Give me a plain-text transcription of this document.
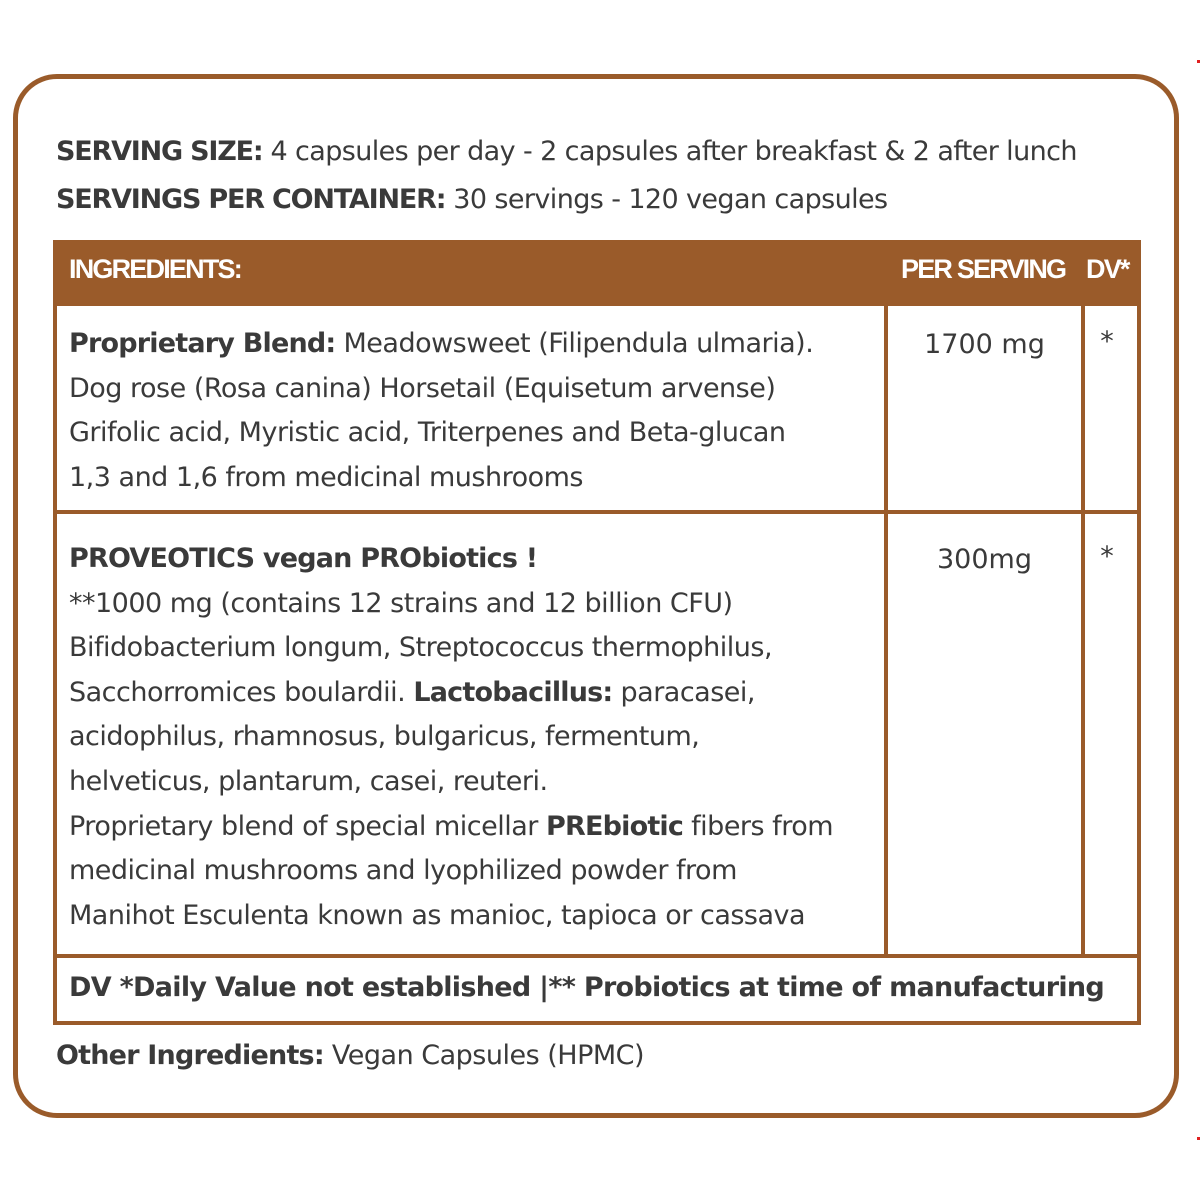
SERVING SIZE: 4 capsules per day - 2 capsules after breakfast & 2 after lunch
SERVINGS PER CONTAINER: 30 servings - 120 vegan capsules
INGREDIENTS:	PER SERVING DV*
Proprietary Blend: Meadowsweet (Filipendula ulmaria).
Dog rose (Rosa canina) Horsetail (Equisetum arvense)
Grifolic acid, Myristic acid, Triterpenes and Beta-glucan
1,3 and 1,6 from medicinal mushrooms
1700 mg	*
PROVEOTICS vegan PRObiotics !
**1000 mg (contains 12 strains and 12 billion CFU)
Bifidobacterium longum, Streptococcus thermophilus,
Sacchorromices boulardii. Lactobacillus: paracasei,
acidophilus, rhamnosus, bulgaricus, fermentum,
helveticus, plantarum, casei, reuteri.
Proprietary blend of special micellar PREbiotic fibers from
medicinal mushrooms and lyophilized powder from
Manihot Esculenta known as manioc, tapioca or cassava
300mg	*
DV *Daily Value not established |** Probiotics at time of manufacturing
Other Ingredients: Vegan Capsules (HPMC)
